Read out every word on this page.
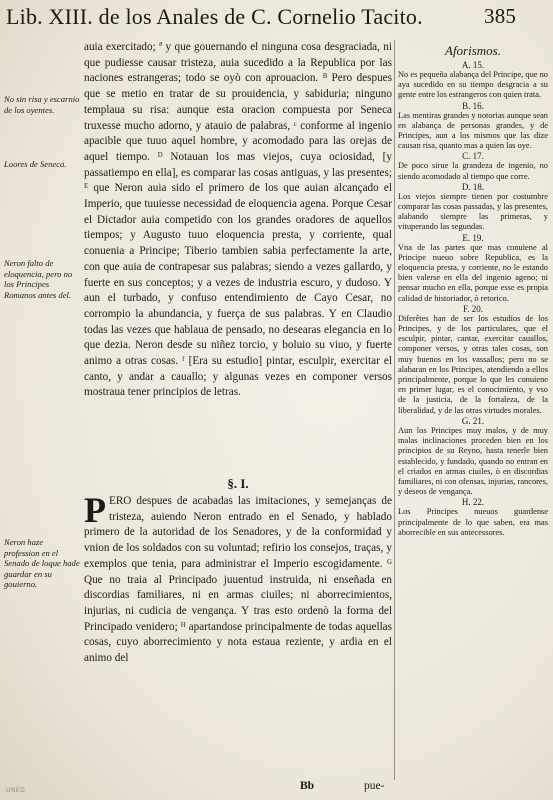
Lib. XIII. de los Anales de C. Cornelio Tacito.	385
No sin risa y escarnio de los oyentes.
Loores de Seneca.
Neron falto de eloquencia, pero no los Principes Romanos antes del.
Neron haze profession en el Senado de loque hade guardar en su gouierno.

auia exercitado; ª y que gouernando el ninguna cosa desgraciada, ni que pudiesse causar tristeza, auia sucedido a la Republica por las naciones estrangeras; todo se oyò con aprouacion. ᴮ Pero despues que se metio en tratar de su prouidencia, y sabiduria; ninguno templaua su risa: aunque esta oracion compuesta por Seneca truxesse mucho adorno, y atauio de palabras, ᶜ conforme al ingenio apacible que tuuo aquel hombre, y acomodado para las orejas de aquel tiempo. ᴰ Notauan los mas viejos, cuya ociosidad, [y passatiempo en ella], es comparar las cosas antiguas, y las presentes; ᴱ que Neron auia sido el primero de los que auian alcançado el Imperio, que tuuiesse necessidad de eloquencia agena. Porque Cesar el Dictador auia competido con los grandes oradores de aquellos tiempos; y Augusto tuuo eloquencia presta, y corriente, qual conuenia a Principe; Tiberio tambien sabia perfectamente la arte, con que auia de contrapesar sus palabras; siendo a vezes gallardo, y fuerte en sus conceptos; y a vezes de industria escuro, y dudoso. Y aun el turbado, y confuso entendimiento de Cayo Cesar, no corrompio la abundancia, y fuerça de sus palabras. Y en Claudio todas las vezes que hablaua de pensado, no desearas elegancia en lo que dezia. Neron desde su niñez torcio, y boluio su viuo, y fuerte animo a otras cosas. ᶠ [Era su estudio] pintar, esculpir, exercitar el canto, y andar a cauallo; y algunas vezes en componer versos mostraua tener principios de letras.

§. I.

PERO despues de acabadas las imitaciones, y semejanças de tristeza, auiendo Neron entrado en el Senado, y hablado primero de la autoridad de los Senadores, y de la conformidad y vnion de los soldados con su voluntad; refirio los consejos, traças, y exemplos que tenia, para administrar el Imperio escogidamente. ᴳ Que no traia al Principado juuentud instruida, ni enseñada en discordias familiares, ni en armas ciuiles; ni aborrecimientos, injurias, ni cudicia de vengança. Y tras esto ordenò la forma del Principado venidero; ᴴ apartandose principalmente de todas aquellas cosas, cuyo aborrecimiento y nota estaua reziente, y ardia en el animo del

Bb	pue-
Aforismos.
A. 15.
No es pequeña alabança del Principe, que no aya sucedido en su tiempo desgracia a su gente entre los estrangeros con quien trata.
B. 16.
Las mentiras grandes y notorias aunque sean en alabança de personas grandes, y de Principes, aun a los mismos que las dize causan risa, quanto mas a quien las oye.
C. 17.
De poco sirue la grandeza de ingenio, no siendo acomodado al tiempo que corre.
D. 18.
Los viejos siempre tienen por costumbre comparar las cosas passadas, y las presentes, alabando siempre las primeras, y vituperando las segundas.
E. 19.
Vna de las partes que mas conuiene al Principe nueuo sobre Republica, es la eloquencia presta, y corriente, no le estando bien valerse en ella del ingenio ageno; ni pensar mucho en ella, porque esse es propia calidad de historiador, ò retorico.
F. 20.
Diferêtes han de ser los estudios de los Principes, y de los particulares, que el esculpir, pintar, cantar, exercitar cauallos, componer versos, y otras tales cosas, son muy buenos en los vassallos; pero no se alabaran en los Principes, atendiendo a ellos principalmente, porque lo que les conuiene en primer lugar, es el conocimiento, y vso de la justicia, de la fortaleza, de la liberalidad, y de las otras virtudes morales.
G. 21.
Aun los Principes muy malos, y de muy malas inclinaciones proceden bien en los principios de su Reyno, hasta tenerle bien establecido, y fundado, quando no entran en el criados en armas ciuiles, ò en discordias familiares, ni con ofensas, injurias, rancores, y deseos de vengança.
H. 22.
Los Principes nueuos guardense principalmente de lo que saben, era mas aborrecible en sus antecessores.
UNED
